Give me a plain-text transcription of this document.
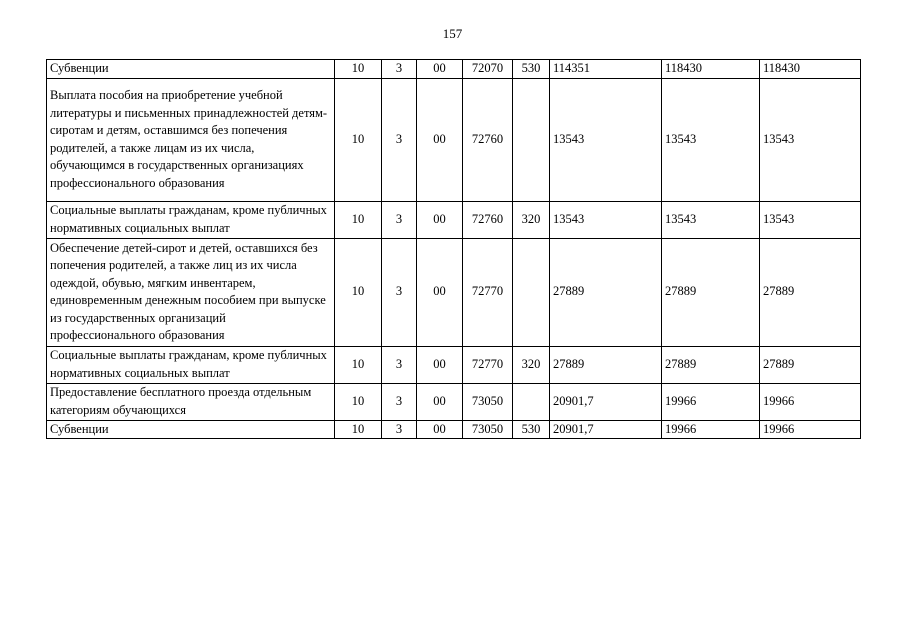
157
Субвенции	10	3	00	72070	530	114351	118430	118430
Выплата пособия на приобретение учебной литературы и письменных принадлежностей детям-сиротам и детям, оставшимся без попечения родителей, а также лицам из их числа, обучающимся в государственных организациях профессионального образования	10	3	00	72760		13543	13543	13543
Социальные выплаты гражданам, кроме публичных нормативных социальных выплат	10	3	00	72760	320	13543	13543	13543
Обеспечение детей-сирот и детей, оставшихся без попечения родителей, а также лиц из их числа одеждой, обувью, мягким инвентарем, единовременным денежным пособием при выпуске из государственных организаций профессионального образования	10	3	00	72770		27889	27889	27889
Социальные выплаты гражданам, кроме публичных нормативных социальных выплат	10	3	00	72770	320	27889	27889	27889
Предоставление бесплатного проезда отдельным категориям обучающихся	10	3	00	73050		20901,7	19966	19966
Субвенции	10	3	00	73050	530	20901,7	19966	19966
